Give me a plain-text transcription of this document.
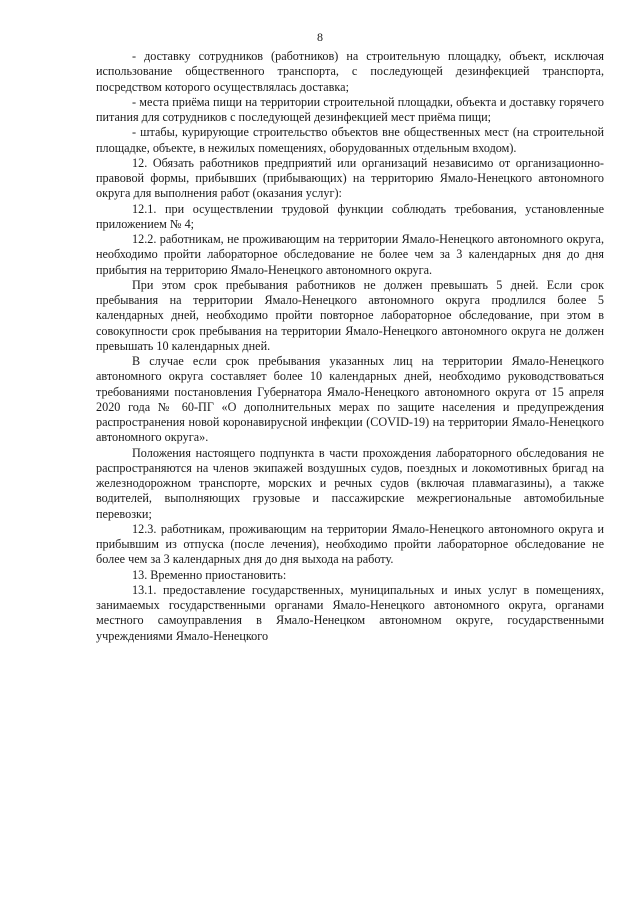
8

- доставку сотрудников (работников) на строительную площадку, объект, исключая использование общественного транспорта, с последующей дезинфекцией транспорта, посредством которого осуществлялась доставка;

- места приёма пищи на территории строительной площадки, объекта и доставку горячего питания для сотрудников с последующей дезинфекцией мест приёма пищи;

- штабы, курирующие строительство объектов вне общественных мест (на строительной площадке, объекте, в нежилых помещениях, оборудованных отдельным входом).

12. Обязать работников предприятий или организаций независимо от организационно-правовой формы, прибывших (прибывающих) на территорию Ямало-Ненецкого автономного округа для выполнения работ (оказания услуг):

12.1. при осуществлении трудовой функции соблюдать требования, установленные приложением № 4;

12.2. работникам, не проживающим на территории Ямало-Ненецкого автономного округа, необходимо пройти лабораторное обследование не более чем за 3 календарных дня до дня прибытия на территорию Ямало-Ненецкого автономного округа.

При этом срок пребывания работников не должен превышать 5 дней. Если срок пребывания на территории Ямало-Ненецкого автономного округа продлился более 5 календарных дней, необходимо пройти повторное лабораторное обследование, при этом в совокупности срок пребывания на территории Ямало-Ненецкого автономного округа не должен превышать 10 календарных дней.

В случае если срок пребывания указанных лиц на территории Ямало-Ненецкого автономного округа составляет более 10 календарных дней, необходимо руководствоваться требованиями постановления Губернатора Ямало-Ненецкого автономного округа от 15 апреля 2020 года № 60-ПГ «О дополнительных мерах по защите населения и предупреждения распространения новой коронавирусной инфекции (COVID-19) на территории Ямало-Ненецкого автономного округа».

Положения настоящего подпункта в части прохождения лабораторного обследования не распространяются на членов экипажей воздушных судов, поездных и локомотивных бригад на железнодорожном транспорте, морских и речных судов (включая плавмагазины), а также водителей, выполняющих грузовые и пассажирские межрегиональные автомобильные перевозки;

12.3. работникам, проживающим на территории Ямало-Ненецкого автономного округа и прибывшим из отпуска (после лечения), необходимо пройти лабораторное обследование не более чем за 3 календарных дня до дня выхода на работу.

13. Временно приостановить:

13.1. предоставление государственных, муниципальных и иных услуг в помещениях, занимаемых государственными органами Ямало-Ненецкого автономного округа, органами местного самоуправления в Ямало-Ненецком автономном округе, государственными учреждениями Ямало-Ненецкого
